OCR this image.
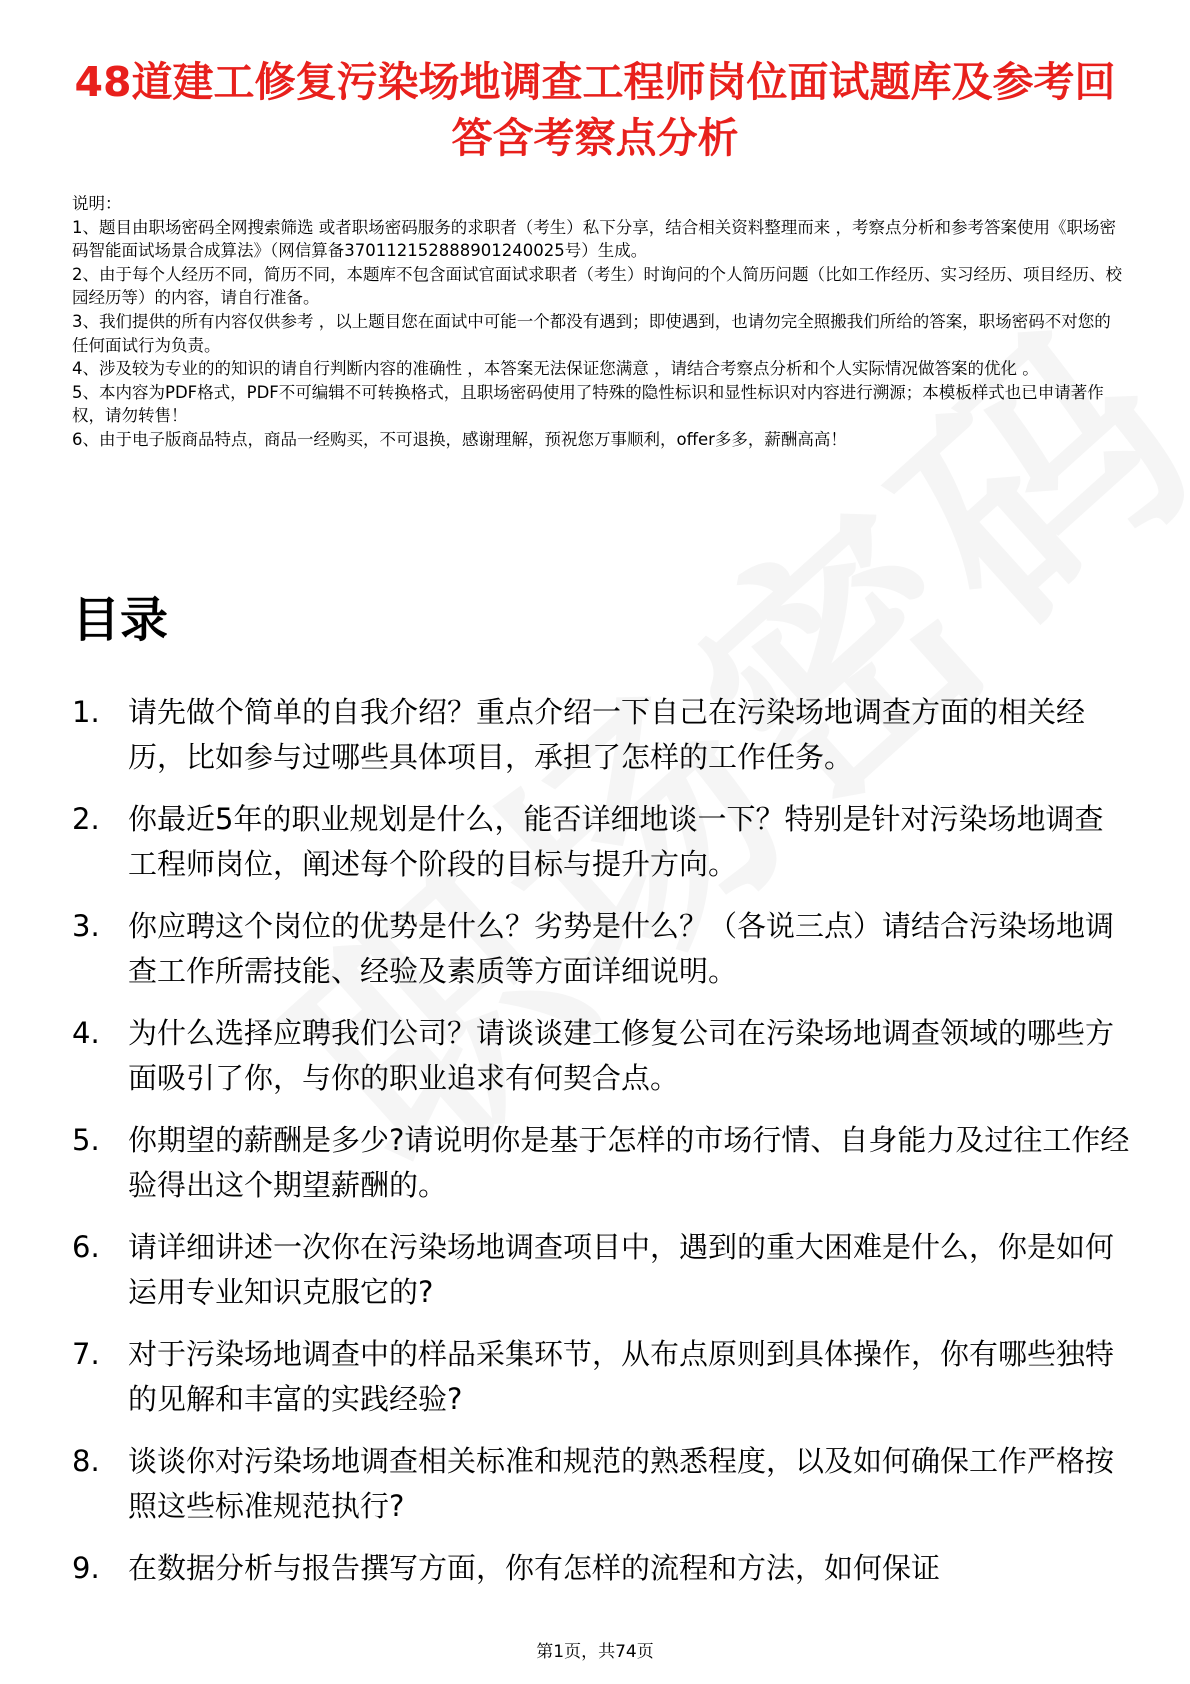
48道建工修复污染场地调查工程师岗位面试题库及参考回答含考察点分析

说明：

1、题目由职场密码全网搜索筛选 或者职场密码服务的求职者（考生）私下分享，结合相关资料整理而来 ，考察点分析和参考答案使用《职场密码智能面试场景合成算法》（网信算备370112152888901240025号）生成。

2、由于每个人经历不同，简历不同，本题库不包含面试官面试求职者（考生）时询问的个人简历问题（比如工作经历、实习经历、项目经历、校园经历等）的内容，请自行准备。

3、我们提供的所有内容仅供参考 ，以上题目您在面试中可能一个都没有遇到；即使遇到，也请勿完全照搬我们所给的答案，职场密码不对您的任何面试行为负责。

4、涉及较为专业的的知识的请自行判断内容的准确性 ，本答案无法保证您满意 ，请结合考察点分析和个人实际情况做答案的优化 。

5、本内容为PDF格式，PDF不可编辑不可转换格式，且职场密码使用了特殊的隐性标识和显性标识对内容进行溯源；本模板样式也已申请著作权，请勿转售！

6、由于电子版商品特点，商品一经购买，不可退换，感谢理解，预祝您万事顺利，offer多多，薪酬高高！

目录
1. 请先做个简单的自我介绍？重点介绍一下自己在污染场地调查方面的相关经历，比如参与过哪些具体项目，承担了怎样的工作任务。
2. 你最近5年的职业规划是什么，能否详细地谈一下？特别是针对污染场地调查工程师岗位，阐述每个阶段的目标与提升方向。
3. 你应聘这个岗位的优势是什么？劣势是什么？（各说三点）请结合污染场地调查工作所需技能、经验及素质等方面详细说明。
4. 为什么选择应聘我们公司？请谈谈建工修复公司在污染场地调查领域的哪些方面吸引了你，与你的职业追求有何契合点。
5. 你期望的薪酬是多少?请说明你是基于怎样的市场行情、自身能力及过往工作经验得出这个期望薪酬的。
6. 请详细讲述一次你在污染场地调查项目中，遇到的重大困难是什么，你是如何运用专业知识克服它的?
7. 对于污染场地调查中的样品采集环节，从布点原则到具体操作，你有哪些独特的见解和丰富的实践经验?
8. 谈谈你对污染场地调查相关标准和规范的熟悉程度，以及如何确保工作严格按照这些标准规范执行?
9. 在数据分析与报告撰写方面，你有怎样的流程和方法，如何保证
第1页，共74页
